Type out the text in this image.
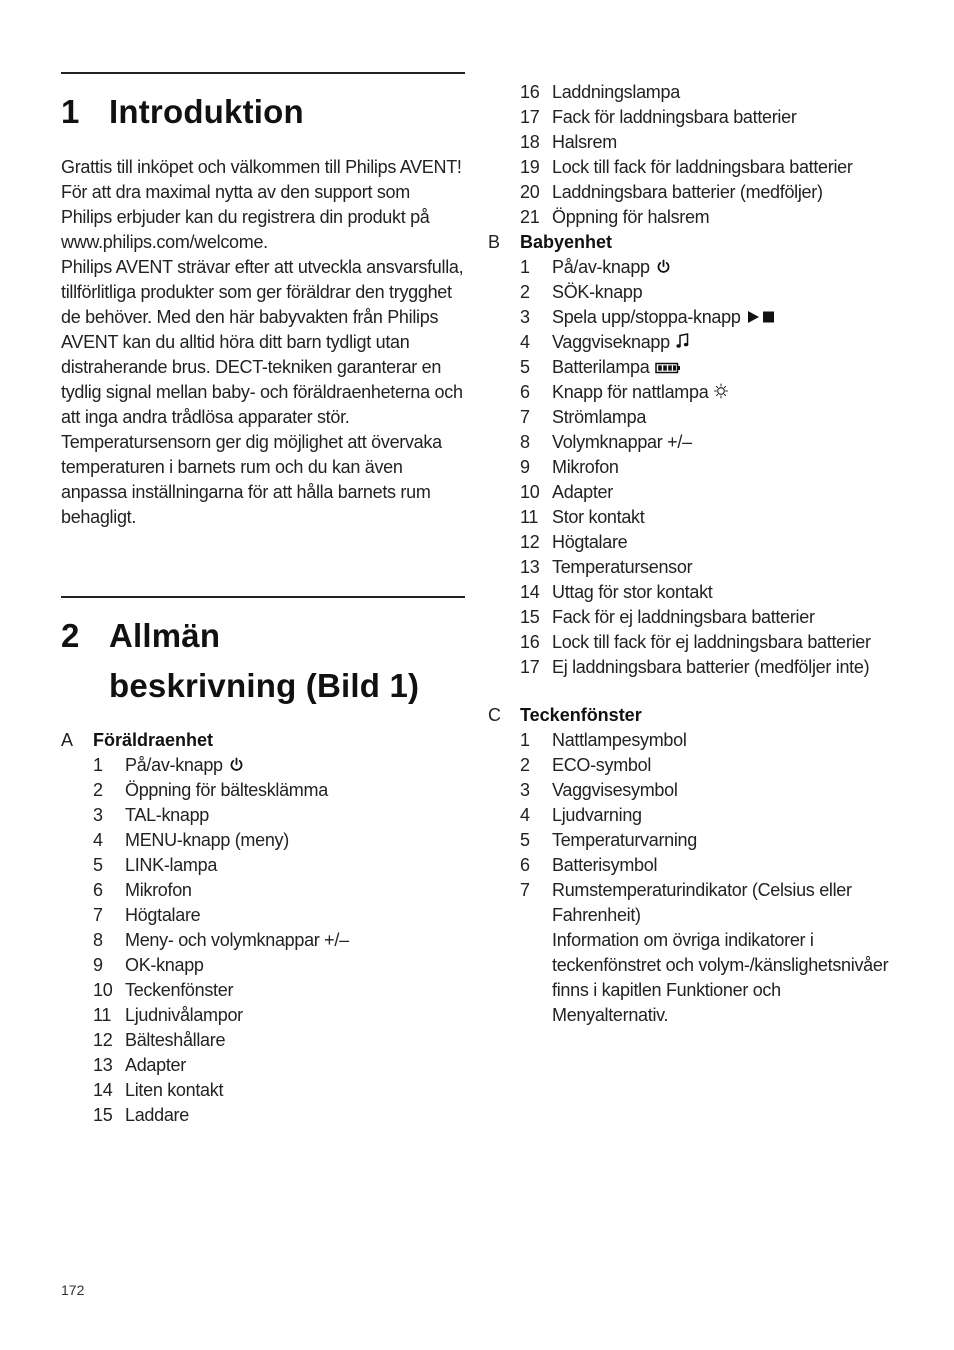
1 Introduktion

Grattis till inköpet och välkommen till Philips AVENT! För att dra maximal nytta av den support som Philips erbjuder kan du registrera din produkt på www.philips.com/welcome.

Philips AVENT strävar efter att utveckla ansvarsfulla, tillförlitliga produkter som ger föräldrar den trygghet de behöver. Med den här babyvakten från Philips AVENT kan du alltid höra ditt barn tydligt utan distraherande brus. DECT-tekniken garanterar en tydlig signal mellan baby- och föräldraenheterna och att inga andra trådlösa apparater stör.

Temperatursensorn ger dig möjlighet att övervaka temperaturen i barnets rum och du kan även anpassa inställningarna för att hålla barnets rum behagligt.

2 Allmän
beskrivning (Bild 1)
A Föräldraenhet
1 På/av-knapp
2 Öppning för bältesklämma
3 TAL-knapp
4 MENU-knapp (meny)
5 LINK-lampa
6 Mikrofon
7 Högtalare
8 Meny- och volymknappar +/–
9 OK-knapp
10 Teckenfönster
11 Ljudnivålampor
12 Bälteshållare
13 Adapter
14 Liten kontakt
15 Laddare
16 Laddningslampa
17 Fack för laddningsbara batterier
18 Halsrem
19 Lock till fack för laddningsbara batterier
20 Laddningsbara batterier (medföljer)
21 Öppning för halsrem
B Babyenhet
1 På/av-knapp
2 SÖK-knapp
3 Spela upp/stoppa-knapp
4 Vaggviseknapp
5 Batterilampa
6 Knapp för nattlampa
7 Strömlampa
8 Volymknappar +/–
9 Mikrofon
10 Adapter
11 Stor kontakt
12 Högtalare
13 Temperatursensor
14 Uttag för stor kontakt
15 Fack för ej laddningsbara batterier
16 Lock till fack för ej laddningsbara batterier
17 Ej laddningsbara batterier (medföljer inte)
C Teckenfönster
1 Nattlampesymbol
2 ECO-symbol
3 Vaggvisesymbol
4 Ljudvarning
5 Temperaturvarning
6 Batterisymbol
7 Rumstemperaturindikator (Celsius eller Fahrenheit)
Information om övriga indikatorer i teckenfönstret och volym-/känslighetsnivåer finns i kapitlen Funktioner och Menyalternativ.
172
